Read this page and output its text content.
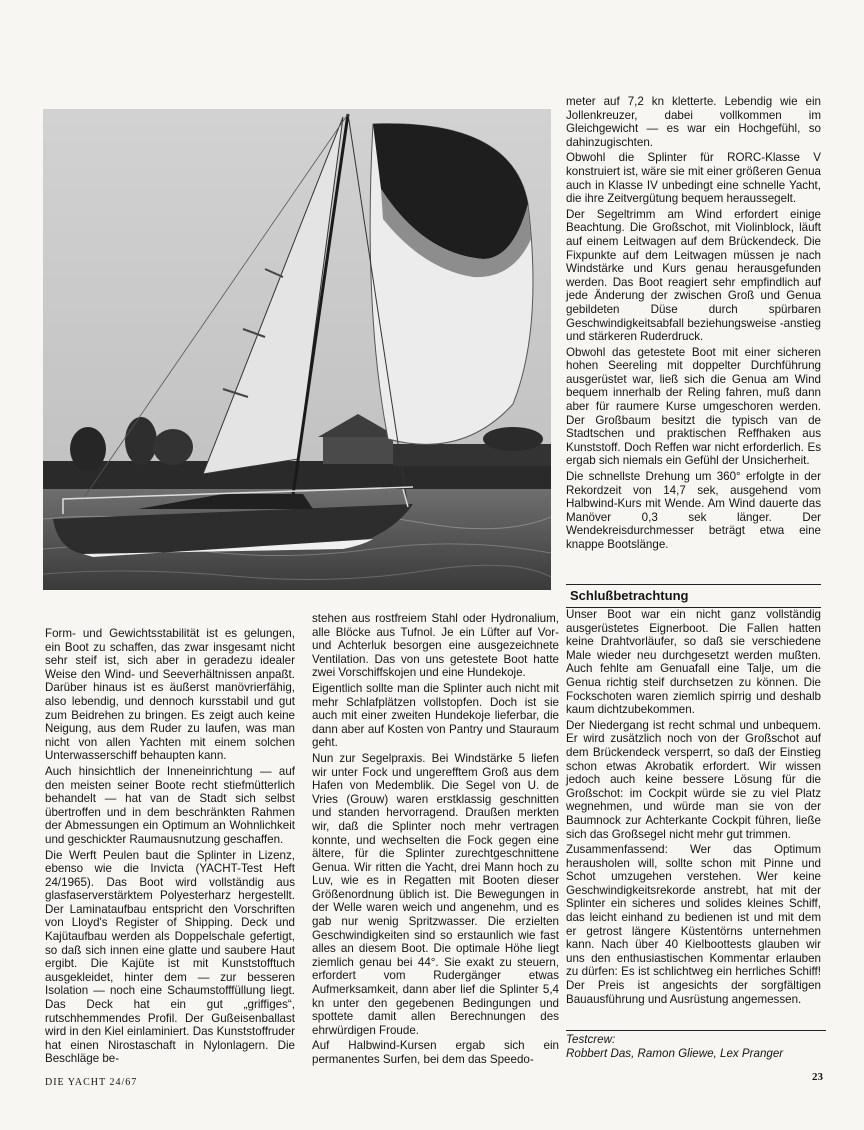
Form- und Gewichtsstabilität ist es gelungen, ein Boot zu schaffen, das zwar insgesamt nicht sehr steif ist, sich aber in geradezu idealer Weise den Wind- und Seeverhältnissen anpaßt. Darüber hinaus ist es äußerst manövrierfähig, also lebendig, und dennoch kursstabil und gut zum Beidrehen zu bringen. Es zeigt auch keine Neigung, aus dem Ruder zu laufen, was man nicht von allen Yachten mit einem solchen Unterwasserschiff behaupten kann.

Auch hinsichtlich der Inneneinrichtung — auf den meisten seiner Boote recht stiefmütterlich behandelt — hat van de Stadt sich selbst übertroffen und in dem beschränkten Rahmen der Abmessungen ein Optimum an Wohnlichkeit und geschickter Raumausnutzung geschaffen.

Die Werft Peulen baut die Splinter in Lizenz, ebenso wie die Invicta (YACHT-Test Heft 24/1965). Das Boot wird vollständig aus glasfaserverstärktem Polyesterharz hergestellt. Der Laminataufbau entspricht den Vorschriften von Lloyd's Register of Shipping. Deck und Kajütaufbau werden als Doppelschale gefertigt, so daß sich innen eine glatte und saubere Haut ergibt. Die Kajüte ist mit Kunststofftuch ausgekleidet, hinter dem — zur besseren Isolation — noch eine Schaumstofffüllung liegt. Das Deck hat ein gut „griffiges“, rutschhemmendes Profil. Der Gußeisenballast wird in den Kiel einlaminiert. Das Kunststoffruder hat einen Nirostaschaft in Nylonlagern. Die Beschläge be-

stehen aus rostfreiem Stahl oder Hydronalium, alle Blöcke aus Tufnol. Je ein Lüfter auf Vor- und Achterluk besorgen eine ausgezeichnete Ventilation. Das von uns getestete Boot hatte zwei Vorschiffskojen und eine Hundekoje.

Eigentlich sollte man die Splinter auch nicht mit mehr Schlafplätzen vollstopfen. Doch ist sie auch mit einer zweiten Hundekoje lieferbar, die dann aber auf Kosten von Pantry und Stauraum geht.

Nun zur Segelpraxis. Bei Windstärke 5 liefen wir unter Fock und ungerefftem Groß aus dem Hafen von Medemblik. Die Segel von U. de Vries (Grouw) waren erstklassig geschnitten und standen hervorragend. Draußen merkten wir, daß die Splinter noch mehr vertragen konnte, und wechselten die Fock gegen eine ältere, für die Splinter zurechtgeschnittene Genua. Wir ritten die Yacht, drei Mann hoch zu Luv, wie es in Regatten mit Booten dieser Größenordnung üblich ist. Die Bewegungen in der Welle waren weich und angenehm, und es gab nur wenig Spritzwasser. Die erzielten Geschwindigkeiten sind so erstaunlich wie fast alles an diesem Boot. Die optimale Höhe liegt ziemlich genau bei 44°. Sie exakt zu steuern, erfordert vom Rudergänger etwas Aufmerksamkeit, dann aber lief die Splinter 5,4 kn unter den gegebenen Bedingungen und spottete damit allen Berechnungen des ehrwürdigen Froude.

Auf Halbwind-Kursen ergab sich ein permanentes Surfen, bei dem das Speedo-

meter auf 7,2 kn kletterte. Lebendig wie ein Jollenkreuzer, dabei vollkommen im Gleichgewicht — es war ein Hochgefühl, so dahinzugischten.

Obwohl die Splinter für RORC-Klasse V konstruiert ist, wäre sie mit einer größeren Genua auch in Klasse IV unbedingt eine schnelle Yacht, die ihre Zeitvergütung bequem heraussegelt.

Der Segeltrimm am Wind erfordert einige Beachtung. Die Großschot, mit Violinblock, läuft auf einem Leitwagen auf dem Brückendeck. Die Fixpunkte auf dem Leitwagen müssen je nach Windstärke und Kurs genau herausgefunden werden. Das Boot reagiert sehr empfindlich auf jede Änderung der zwischen Groß und Genua gebildeten Düse durch spürbaren Geschwindigkeitsabfall beziehungsweise -anstieg und stärkeren Ruderdruck.

Obwohl das getestete Boot mit einer sicheren hohen Seereling mit doppelter Durchführung ausgerüstet war, ließ sich die Genua am Wind bequem innerhalb der Reling fahren, muß dann aber für raumere Kurse umgeschoren werden. Der Großbaum besitzt die typisch van de Stadtschen und praktischen Reffhaken aus Kunststoff. Doch Reffen war nicht erforderlich. Es ergab sich niemals ein Gefühl der Unsicherheit.

Die schnellste Drehung um 360° erfolgte in der Rekordzeit von 14,7 sek, ausgehend vom Halbwind-Kurs mit Wende. Am Wind dauerte das Manöver 0,3 sek länger. Der Wendekreisdurchmesser beträgt etwa eine knappe Bootslänge.

Schlußbetrachtung

Unser Boot war ein nicht ganz vollständig ausgerüstetes Eignerboot. Die Fallen hatten keine Drahtvorläufer, so daß sie verschiedene Male wieder neu durchgesetzt werden mußten. Auch fehlte am Genuafall eine Talje, um die Genua richtig steif durchsetzen zu können. Die Fockschoten waren ziemlich spirrig und deshalb kaum dichtzubekommen.

Der Niedergang ist recht schmal und unbequem. Er wird zusätzlich noch von der Großschot auf dem Brückendeck versperrt, so daß der Einstieg schon etwas Akrobatik erfordert. Wir wissen jedoch auch keine bessere Lösung für die Großschot: im Cockpit würde sie zu viel Platz wegnehmen, und würde man sie von der Baumnock zur Achterkante Cockpit führen, ließe sich das Großsegel nicht mehr gut trimmen.

Zusammenfassend: Wer das Optimum herausholen will, sollte schon mit Pinne und Schot umzugehen verstehen. Wer keine Geschwindigkeitsrekorde anstrebt, hat mit der Splinter ein sicheres und solides kleines Schiff, das leicht einhand zu bedienen ist und mit dem er getrost längere Küstentörns unternehmen kann. Nach über 40 Kielboottests glauben wir uns den enthusiastischen Kommentar erlauben zu dürfen: Es ist schlichtweg ein herrliches Schiff! Der Preis ist angesichts der sorgfältigen Bauausführung und Ausrüstung angemessen.

Testcrew:
Robbert Das, Ramon Gliewe, Lex Pranger
DIE YACHT 24/67	23
